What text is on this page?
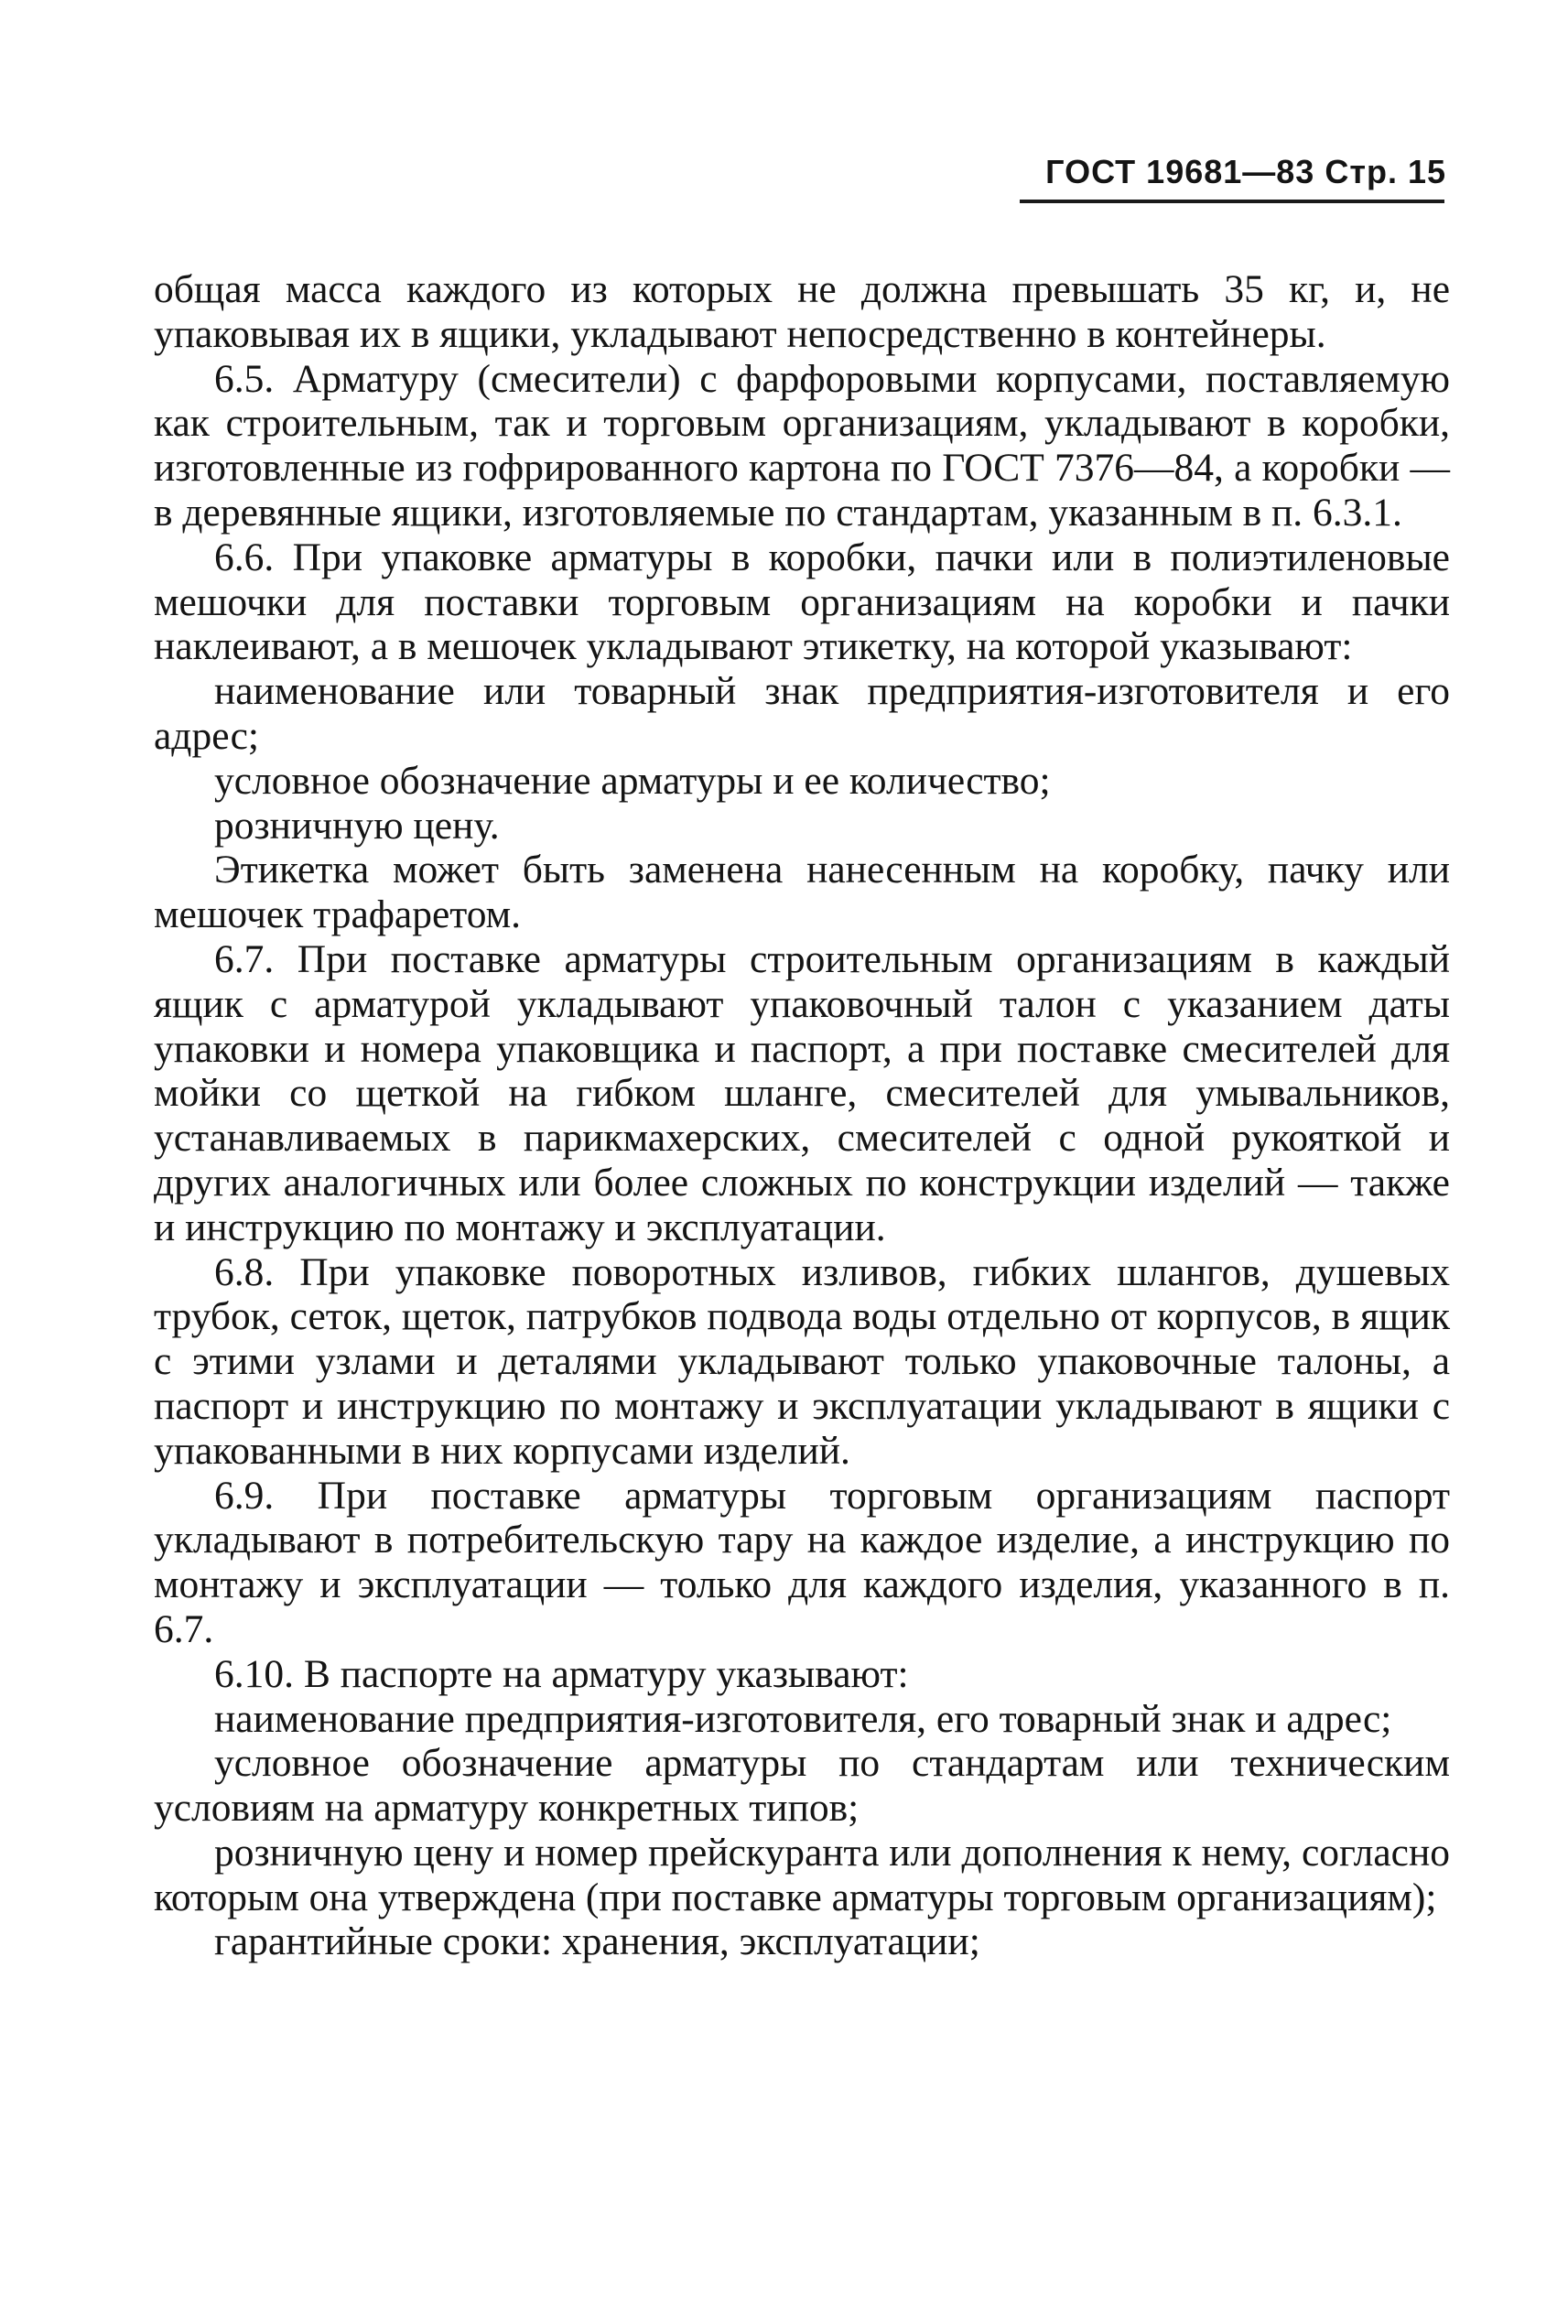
ГОСТ 19681—83 Стр. 15

общая масса каждого из которых не должна превышать 35 кг, и, не упаковывая их в ящики, укладывают непосредственно в контейнеры.

6.5. Арматуру (смесители) с фарфоровыми корпусами, поставляемую как строительным, так и торговым организациям, укладывают в коробки, изготовленные из гофрированного картона по ГОСТ 7376—84, а коробки — в деревянные ящики, изготовляемые по стандартам, указанным в п. 6.3.1.

6.6. При упаковке арматуры в коробки, пачки или в полиэтиленовые мешочки для поставки торговым организациям на коробки и пачки наклеивают, а в мешочек укладывают этикетку, на которой указывают:

наименование или товарный знак предприятия-изготовителя и его адрес;

условное обозначение арматуры и ее количество;

розничную цену.

Этикетка может быть заменена нанесенным на коробку, пачку или мешочек трафаретом.

6.7. При поставке арматуры строительным организациям в каждый ящик с арматурой укладывают упаковочный талон с указанием даты упаковки и номера упаковщика и паспорт, а при поставке смесителей для мойки со щеткой на гибком шланге, смесителей для умывальников, устанавливаемых в парикмахерских, смесителей с одной рукояткой и других аналогичных или более сложных по конструкции изделий — также и инструкцию по монтажу и эксплуатации.

6.8. При упаковке поворотных изливов, гибких шлангов, душевых трубок, сеток, щеток, патрубков подвода воды отдельно от корпусов, в ящик с этими узлами и деталями укладывают только упаковочные талоны, а паспорт и инструкцию по монтажу и эксплуатации укладывают в ящики с упакованными в них корпусами изделий.

6.9. При поставке арматуры торговым организациям паспорт укладывают в потребительскую тару на каждое изделие, а инструкцию по монтажу и эксплуатации — только для каждого изделия, указанного в п. 6.7.

6.10. В паспорте на арматуру указывают:

наименование предприятия-изготовителя, его товарный знак и адрес;

условное обозначение арматуры по стандартам или техническим условиям на арматуру конкретных типов;

розничную цену и номер прейскуранта или дополнения к нему, согласно которым она утверждена (при поставке арматуры торговым организациям);

гарантийные сроки: хранения, эксплуатации;
